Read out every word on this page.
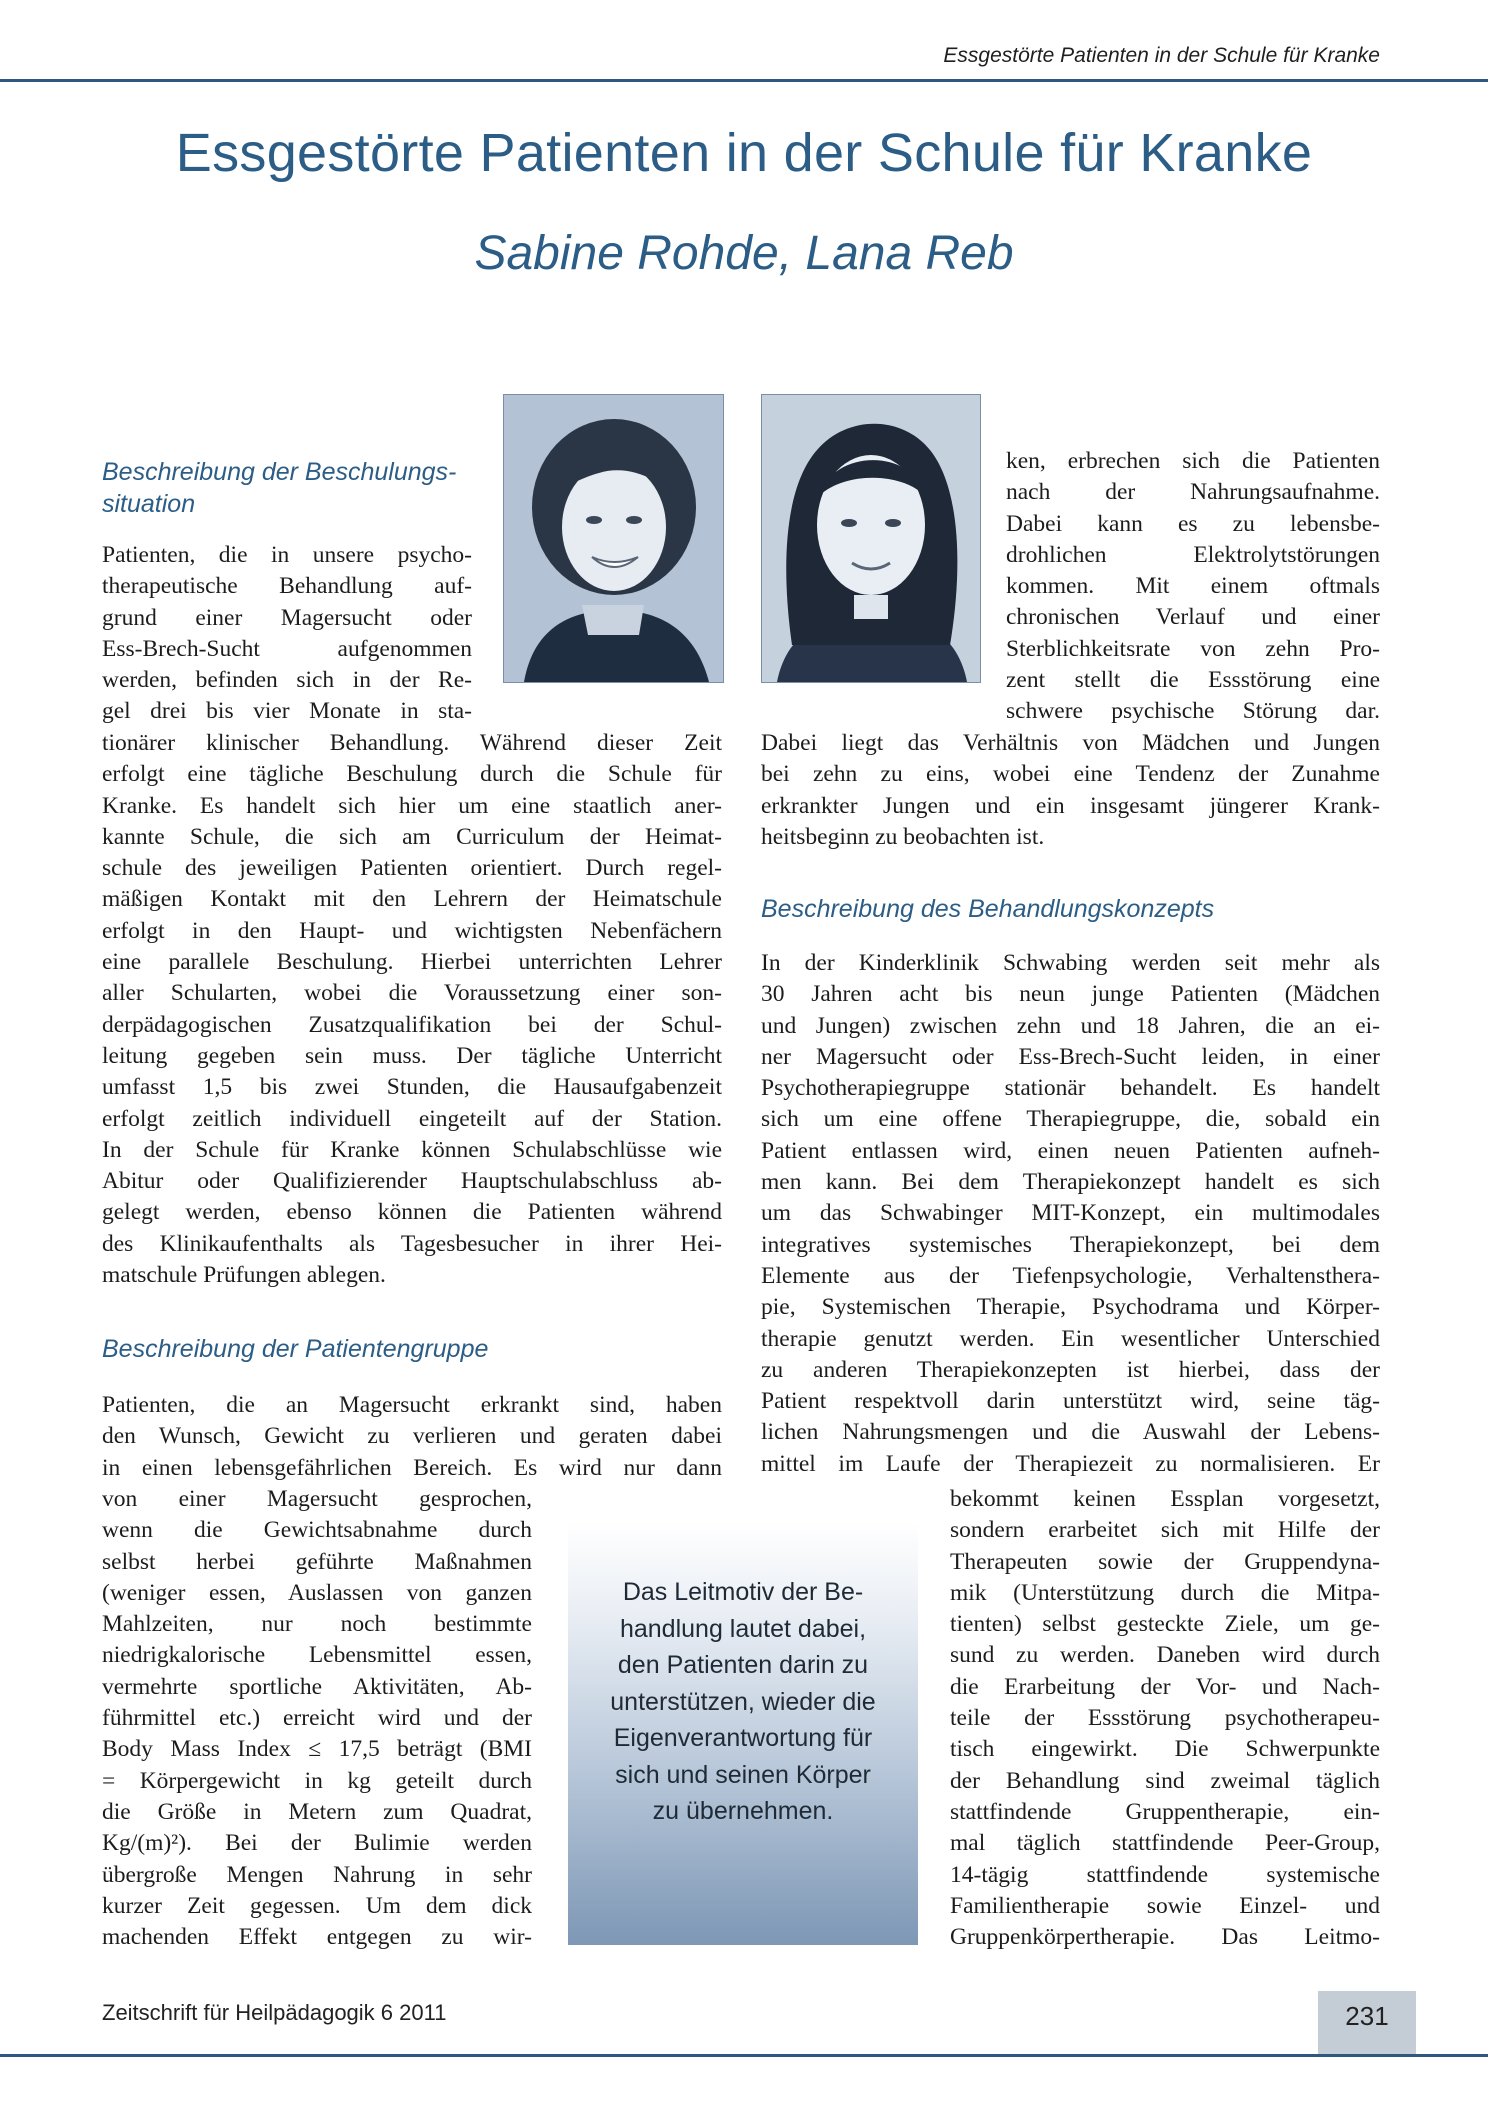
Essgestörte Patienten in der Schule für Kranke
Essgestörte Patienten in der Schule für Kranke
Sabine Rohde, Lana Reb
Beschreibung der Beschulungs-
situation
Patienten, die in unsere psycho-
therapeutische Behandlung auf-
grund einer Magersucht oder
Ess-Brech-Sucht aufgenommen
werden, befinden sich in der Re-
gel drei bis vier Monate in sta-
tionärer klinischer Behandlung. Während dieser Zeit
erfolgt eine tägliche Beschulung durch die Schule für
Kranke. Es handelt sich hier um eine staatlich aner-
kannte Schule, die sich am Curriculum der Heimat-
schule des jeweiligen Patienten orientiert. Durch regel-
mäßigen Kontakt mit den Lehrern der Heimatschule
erfolgt in den Haupt- und wichtigsten Nebenfächern
eine parallele Beschulung. Hierbei unterrichten Lehrer
aller Schularten, wobei die Voraussetzung einer son-
derpädagogischen Zusatzqualifikation bei der Schul-
leitung gegeben sein muss. Der tägliche Unterricht
umfasst 1,5 bis zwei Stunden, die Hausaufgabenzeit
erfolgt zeitlich individuell eingeteilt auf der Station.
In der Schule für Kranke können Schulabschlüsse wie
Abitur oder Qualifizierender Hauptschulabschluss ab-
gelegt werden, ebenso können die Patienten während
des Klinikaufenthalts als Tagesbesucher in ihrer Hei-
matschule Prüfungen ablegen.
Beschreibung der Patientengruppe
Patienten, die an Magersucht erkrankt sind, haben
den Wunsch, Gewicht zu verlieren und geraten dabei
in einen lebensgefährlichen Bereich. Es wird nur dann
von einer Magersucht gesprochen,
wenn die Gewichtsabnahme durch
selbst herbei geführte Maßnahmen
(weniger essen, Auslassen von ganzen
Mahlzeiten, nur noch bestimmte
niedrigkalorische Lebensmittel essen,
vermehrte sportliche Aktivitäten, Ab-
führmittel etc.) erreicht wird und der
Body Mass Index ≤ 17,5 beträgt (BMI
= Körpergewicht in kg geteilt durch
die Größe in Metern zum Quadrat,
Kg/(m)²). Bei der Bulimie werden
übergroße Mengen Nahrung in sehr
kurzer Zeit gegessen. Um dem dick
machenden Effekt entgegen zu wir-
ken, erbrechen sich die Patienten
nach der Nahrungsaufnahme.
Dabei kann es zu lebensbe-
drohlichen Elektrolytstörungen
kommen. Mit einem oftmals
chronischen Verlauf und einer
Sterblichkeitsrate von zehn Pro-
zent stellt die Essstörung eine
schwere psychische Störung dar.
Dabei liegt das Verhältnis von Mädchen und Jungen
bei zehn zu eins, wobei eine Tendenz der Zunahme
erkrankter Jungen und ein insgesamt jüngerer Krank-
heitsbeginn zu beobachten ist.
Beschreibung des Behandlungskonzepts
In der Kinderklinik Schwabing werden seit mehr als
30 Jahren acht bis neun junge Patienten (Mädchen
und Jungen) zwischen zehn und 18 Jahren, die an ei-
ner Magersucht oder Ess-Brech-Sucht leiden, in einer
Psychotherapiegruppe stationär behandelt. Es handelt
sich um eine offene Therapiegruppe, die, sobald ein
Patient entlassen wird, einen neuen Patienten aufneh-
men kann. Bei dem Therapiekonzept handelt es sich
um das Schwabinger MIT-Konzept, ein multimodales
integratives systemisches Therapiekonzept, bei dem
Elemente aus der Tiefenpsychologie, Verhaltensthera-
pie, Systemischen Therapie, Psychodrama und Körper-
therapie genutzt werden. Ein wesentlicher Unterschied
zu anderen Therapiekonzepten ist hierbei, dass der
Patient respektvoll darin unterstützt wird, seine täg-
lichen Nahrungsmengen und die Auswahl der Lebens-
mittel im Laufe der Therapiezeit zu normalisieren. Er
bekommt keinen Essplan vorgesetzt,
sondern erarbeitet sich mit Hilfe der
Therapeuten sowie der Gruppendyna-
mik (Unterstützung durch die Mitpa-
tienten) selbst gesteckte Ziele, um ge-
sund zu werden. Daneben wird durch
die Erarbeitung der Vor- und Nach-
teile der Essstörung psychotherapeu-
tisch eingewirkt. Die Schwerpunkte
der Behandlung sind zweimal täglich
stattfindende Gruppentherapie, ein-
mal täglich stattfindende Peer-Group,
14-tägig stattfindende systemische
Familientherapie sowie Einzel- und
Gruppenkörpertherapie. Das Leitmo-
Das Leitmotiv der Be-
handlung lautet dabei,
den Patienten darin zu
unterstützen, wieder die
Eigenverantwortung für
sich und seinen Körper
zu übernehmen.
Zeitschrift für Heilpädagogik 6 2011	231
